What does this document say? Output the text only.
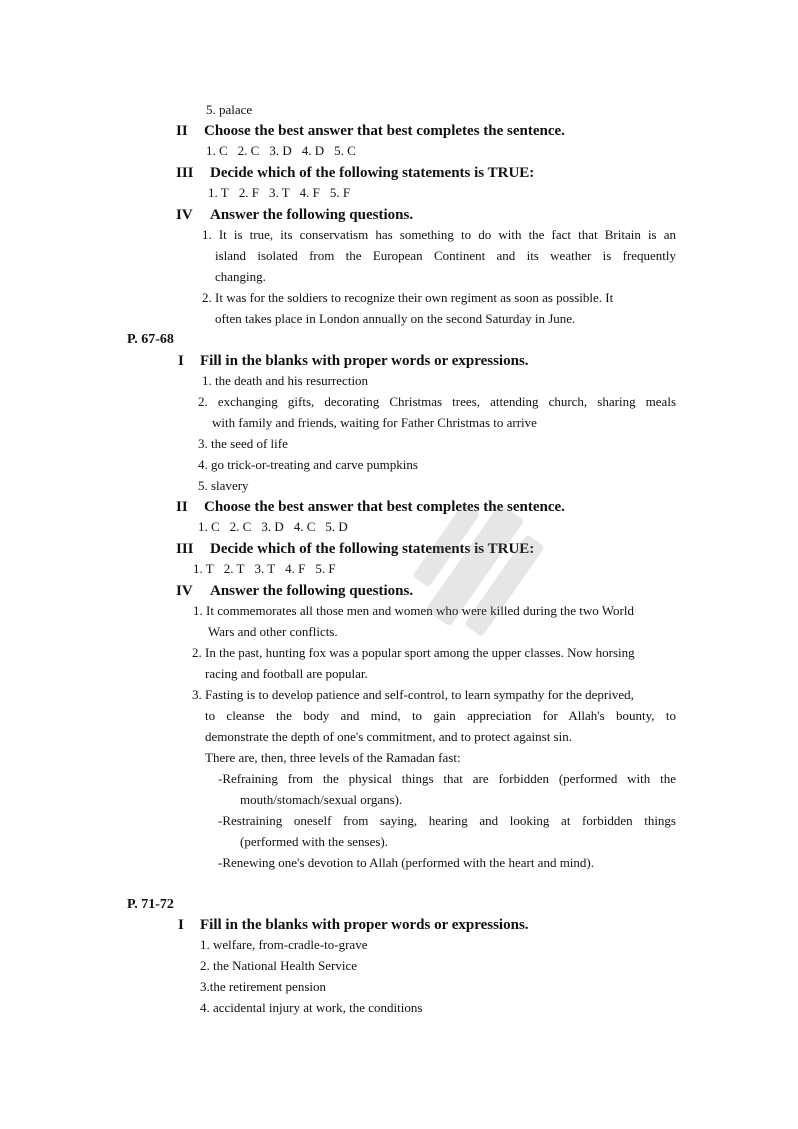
5. palace
II Choose the best answer that best completes the sentence.
1. C 2. C 3. D 4. D 5. C
III Decide which of the following statements is TRUE:
1. T 2. F 3. T 4. F 5. F
IV Answer the following questions.
1. It is true, its conservatism has something to do with the fact that Britain is an
island isolated from the European Continent and its weather is frequently
changing.
2. It was for the soldiers to recognize their own regiment as soon as possible. It
often takes place in London annually on the second Saturday in June.
P. 67-68
I Fill in the blanks with proper words or expressions.
1. the death and his resurrection
2. exchanging gifts, decorating Christmas trees, attending church, sharing meals
with family and friends, waiting for Father Christmas to arrive
3. the seed of life
4. go trick-or-treating and carve pumpkins
5. slavery
II Choose the best answer that best completes the sentence.
1. C 2. C 3. D 4. C 5. D
III Decide which of the following statements is TRUE:
1. T 2. T 3. T 4. F 5. F
IV Answer the following questions.
1. It commemorates all those men and women who were killed during the two World
Wars and other conflicts.
2. In the past, hunting fox was a popular sport among the upper classes. Now horsing
racing and football are popular.
3. Fasting is to develop patience and self-control, to learn sympathy for the deprived,
to cleanse the body and mind, to gain appreciation for Allah's bounty, to
demonstrate the depth of one's commitment, and to protect against sin.
There are, then, three levels of the Ramadan fast:
-Refraining from the physical things that are forbidden (performed with the
mouth/stomach/sexual organs).
-Restraining oneself from saying, hearing and looking at forbidden things
(performed with the senses).
-Renewing one's devotion to Allah (performed with the heart and mind).
P. 71-72
I Fill in the blanks with proper words or expressions.
1. welfare, from-cradle-to-grave
2. the National Health Service
3.the retirement pension
4. accidental injury at work, the conditions
